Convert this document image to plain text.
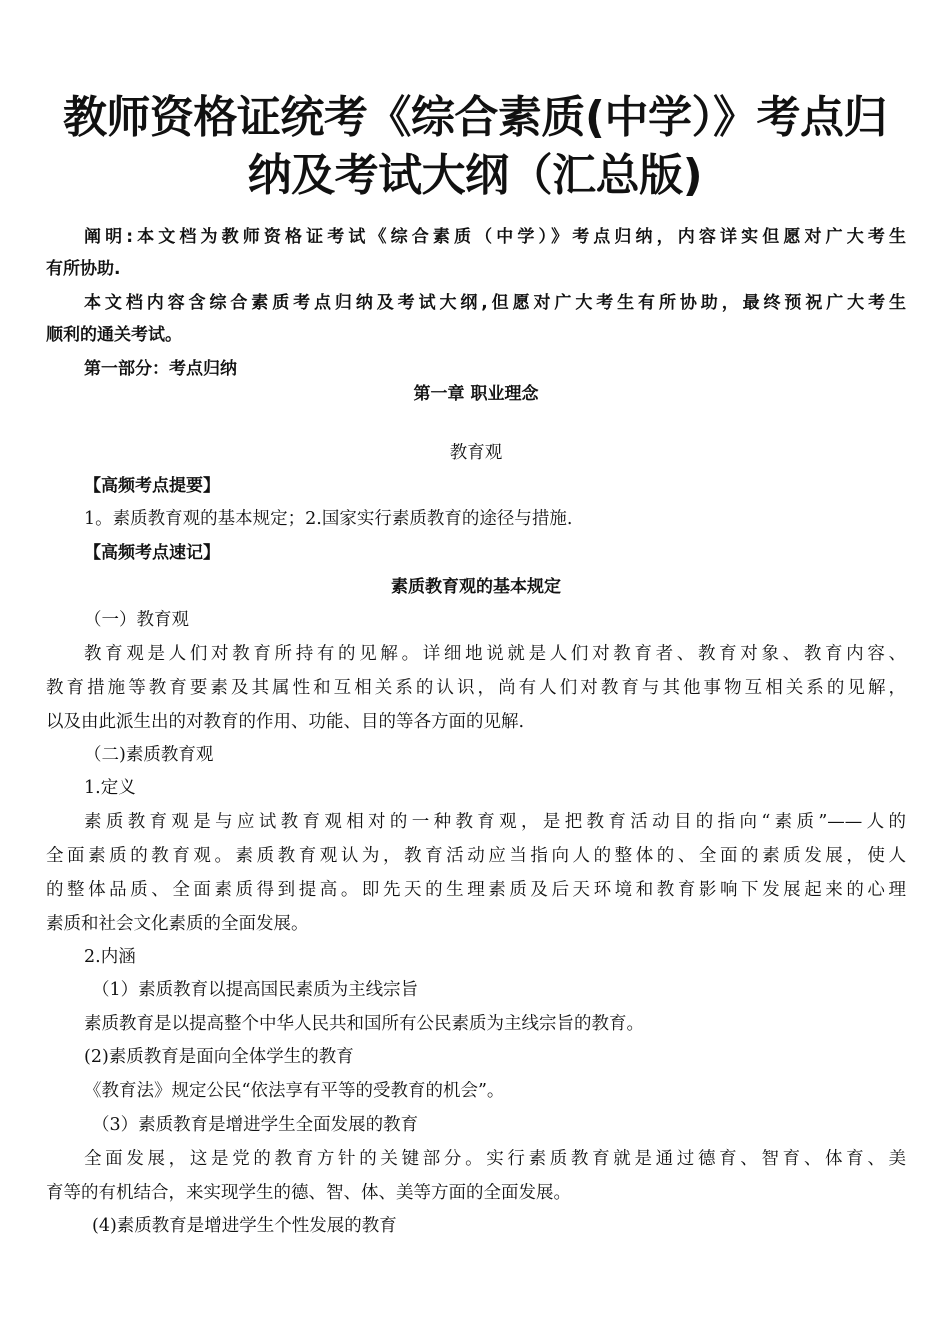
教师资格证统考《综合素质(中学）》考点归
纳及考试大纲（汇总版)

阐明:本文档为教师资格证考试《综合素质（中学）》考点归纳，内容详实但愿对广大考生

有所协助.

本文档内容含综合素质考点归纳及考试大纲,但愿对广大考生有所协助，最终预祝广大考生

顺利的通关考试。

第一部分：考点归纳

第一章 职业理念

教育观

【高频考点提要】

1。素质教育观的基本规定；2.国家实行素质教育的途径与措施.

【高频考点速记】

素质教育观的基本规定

（一）教育观

教育观是人们对教育所持有的见解。详细地说就是人们对教育者、教育对象、教育内容、

教育措施等教育要素及其属性和互相关系的认识，尚有人们对教育与其他事物互相关系的见解，

以及由此派生出的对教育的作用、功能、目的等各方面的见解.

（二)素质教育观

1.定义

素质教育观是与应试教育观相对的一种教育观，是把教育活动目的指向“素质”——人的

全面素质的教育观。素质教育观认为，教育活动应当指向人的整体的、全面的素质发展，使人

的整体品质、全面素质得到提高。即先天的生理素质及后天环境和教育影响下发展起来的心理

素质和社会文化素质的全面发展。

2.内涵

（1）素质教育以提高国民素质为主线宗旨

素质教育是以提高整个中华人民共和国所有公民素质为主线宗旨的教育。

(2)素质教育是面向全体学生的教育

《教育法》规定公民“依法享有平等的受教育的机会”。

（3）素质教育是增进学生全面发展的教育

全面发展，这是党的教育方针的关键部分。实行素质教育就是通过德育、智育、体育、美

育等的有机结合，来实现学生的德、智、体、美等方面的全面发展。

(4)素质教育是增进学生个性发展的教育
